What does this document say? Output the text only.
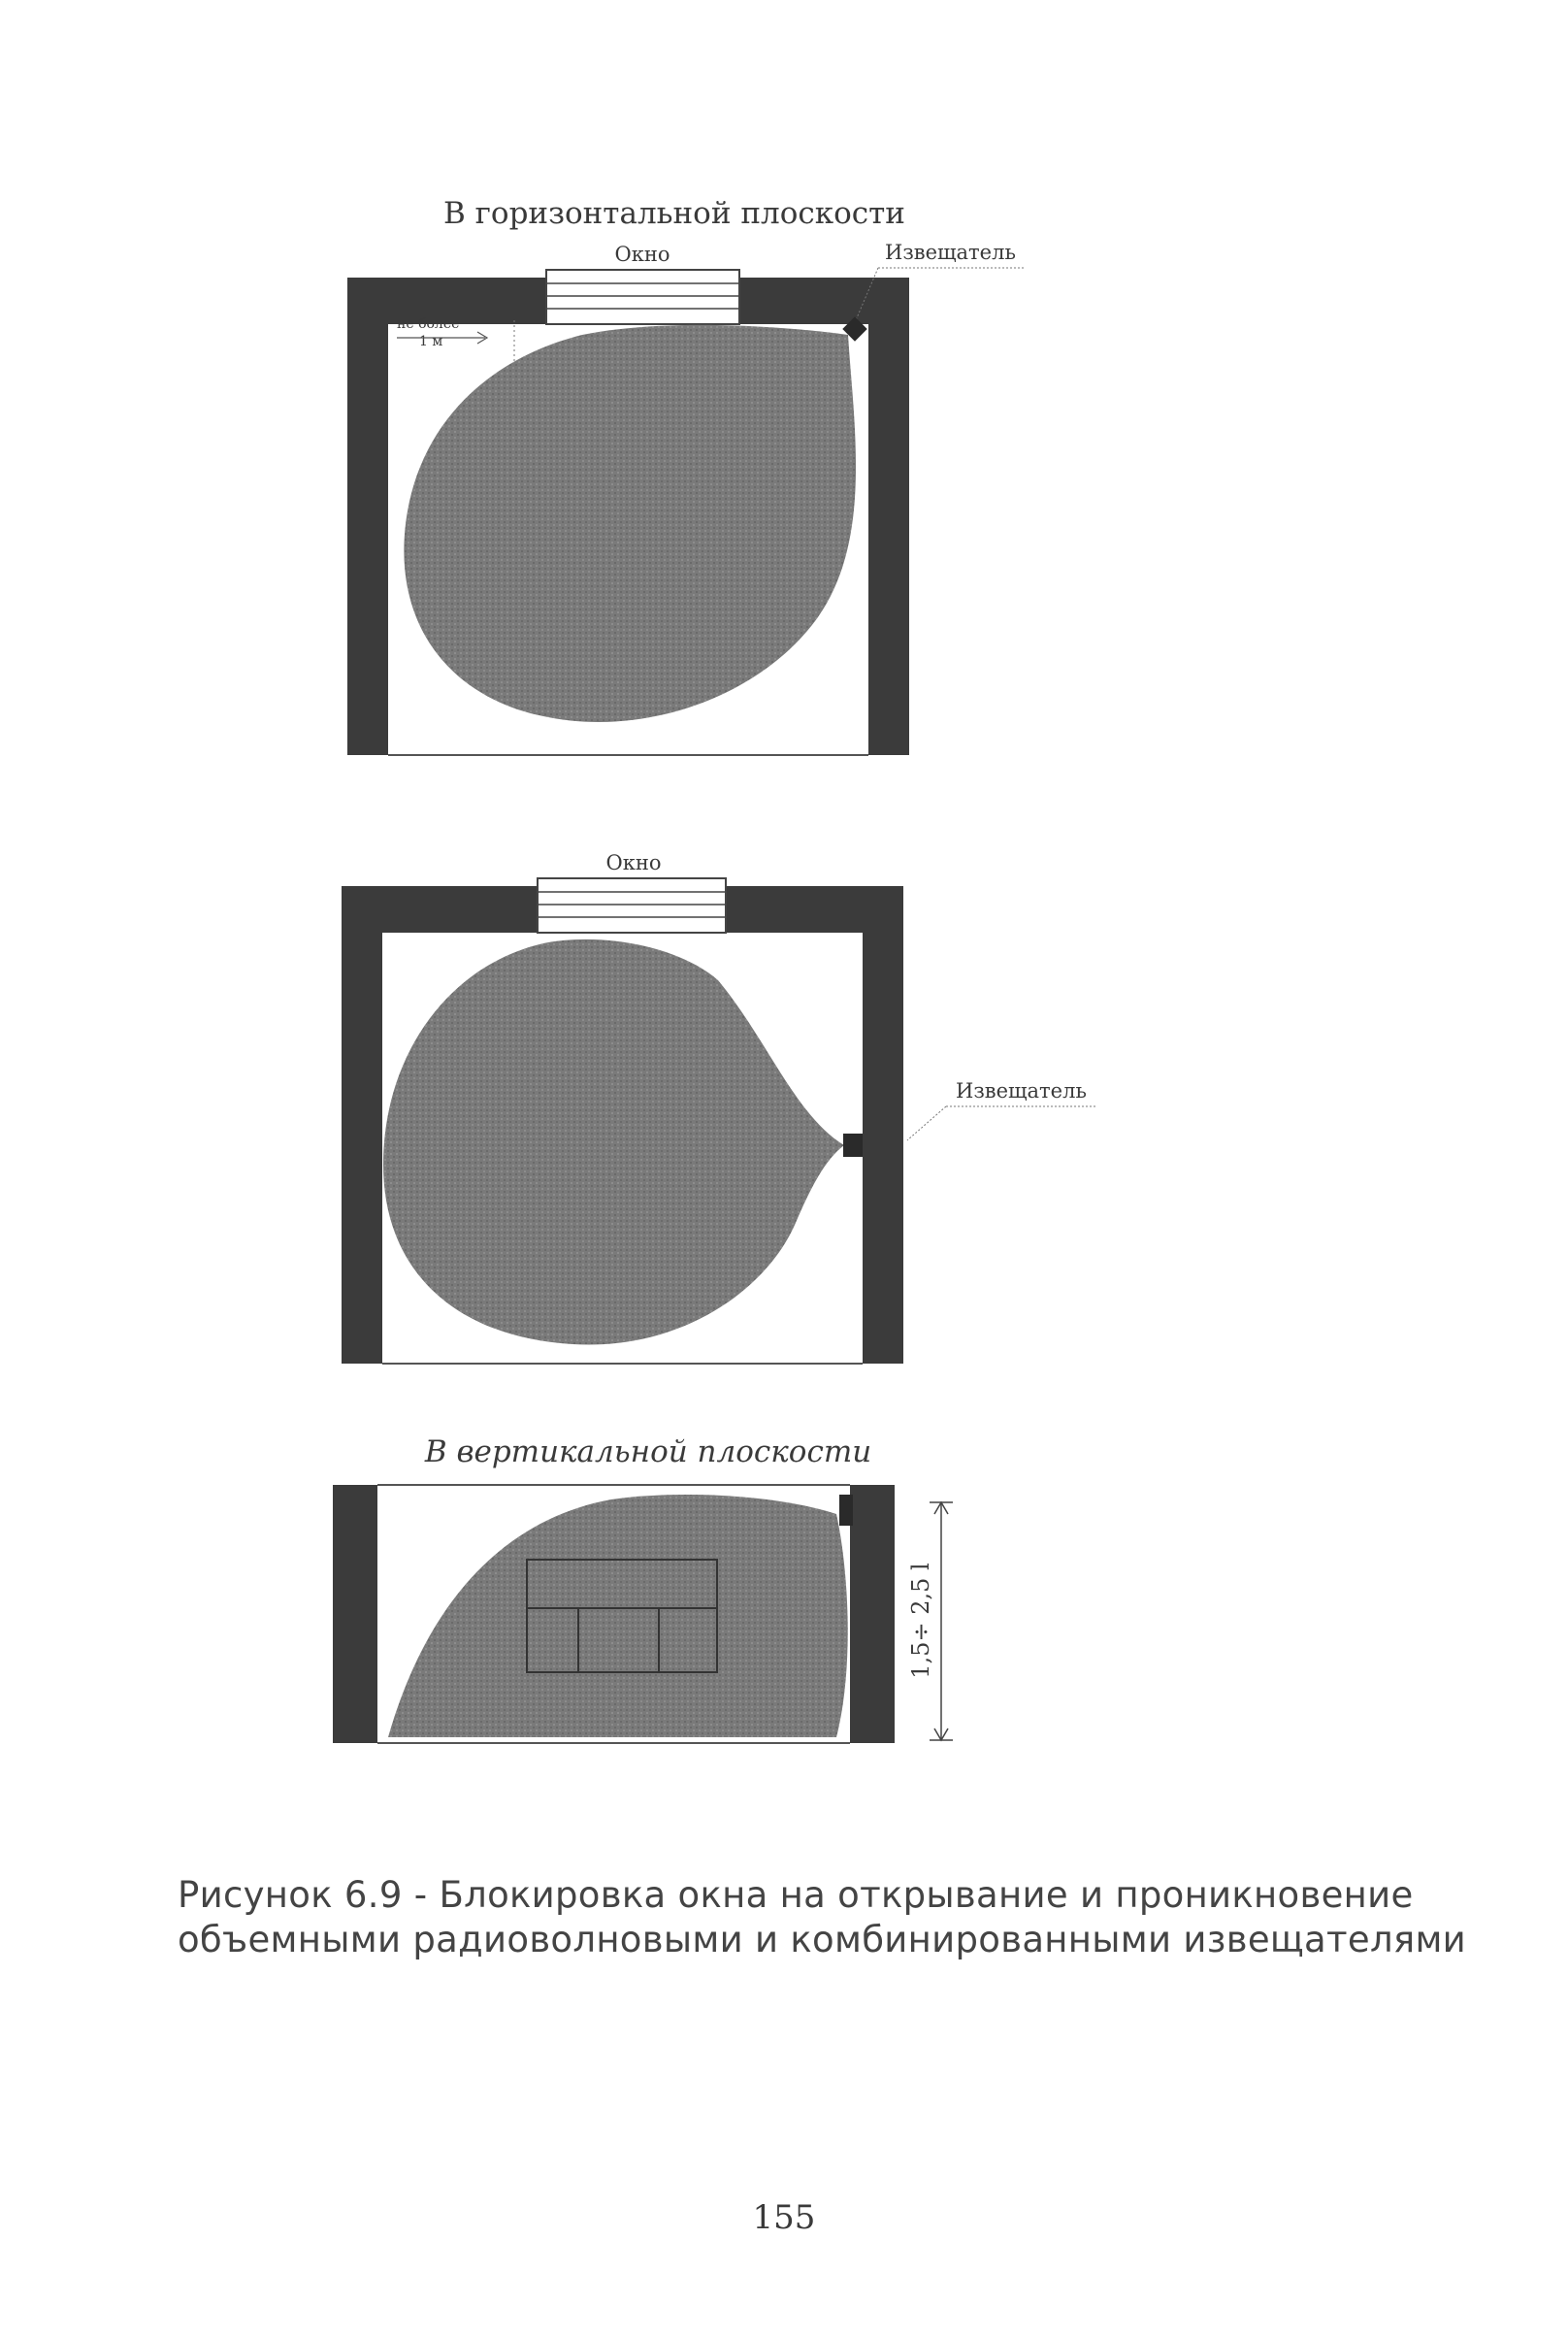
В горизонтальной плоскости
Окно	Извещатель
не более
1 м
Окно
Извещатель
В вертикальной плоскости
1,5÷ 2,5 l
Рисунок 6.9 - Блокировка окна на открывание и проникновение
объемными радиоволновыми и комбинированными извещателями
155
